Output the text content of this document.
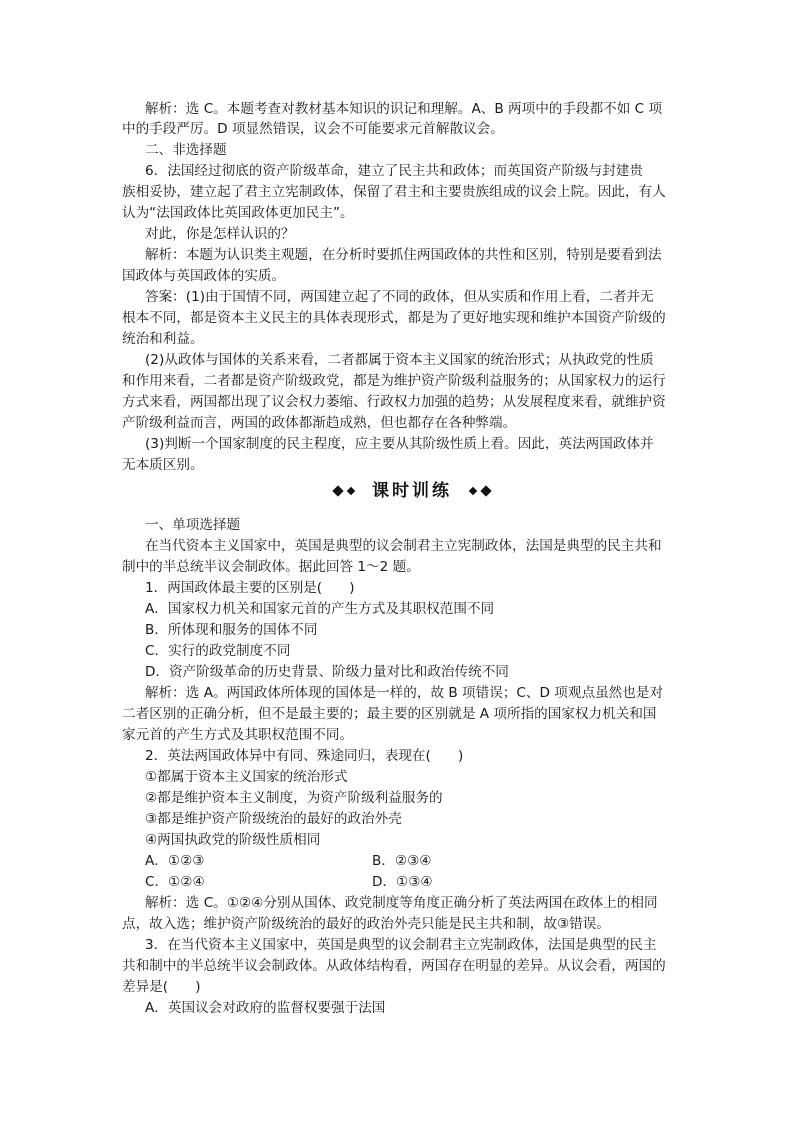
解析：选 C。本题考查对教材基本知识的识记和理解。A、B 两项中的手段都不如 C 项
中的手段严厉。D 项显然错误，议会不可能要求元首解散议会。
二、非选择题
6．法国经过彻底的资产阶级革命，建立了民主共和政体；而英国资产阶级与封建贵
族相妥协，建立起了君主立宪制政体，保留了君主和主要贵族组成的议会上院。因此，有人
认为“法国政体比英国政体更加民主”。
对此，你是怎样认识的？
解析：本题为认识类主观题，在分析时要抓住两国政体的共性和区别，特别是要看到法
国政体与英国政体的实质。
答案：(1)由于国情不同，两国建立起了不同的政体，但从实质和作用上看，二者并无
根本不同，都是资本主义民主的具体表现形式，都是为了更好地实现和维护本国资产阶级的
统治和利益。
(2)从政体与国体的关系来看，二者都属于资本主义国家的统治形式；从执政党的性质
和作用来看，二者都是资产阶级政党，都是为维护资产阶级利益服务的；从国家权力的运行
方式来看，两国都出现了议会权力萎缩、行政权力加强的趋势；从发展程度来看，就维护资
产阶级利益而言，两国的政体都渐趋成熟，但也都存在各种弊端。
(3)判断一个国家制度的民主程度，应主要从其阶级性质上看。因此，英法两国政体并
无本质区别。
课时训练
一、单项选择题
在当代资本主义国家中，英国是典型的议会制君主立宪制政体，法国是典型的民主共和
制中的半总统半议会制政体。据此回答 1～2 题。
1．两国政体最主要的区别是(　　)
A．国家权力机关和国家元首的产生方式及其职权范围不同
B．所体现和服务的国体不同
C．实行的政党制度不同
D．资产阶级革命的历史背景、阶级力量对比和政治传统不同
解析：选 A。两国政体所体现的国体是一样的，故 B 项错误；C、D 项观点虽然也是对
二者区别的正确分析，但不是最主要的；最主要的区别就是 A 项所指的国家权力机关和国
家元首的产生方式及其职权范围不同。
2．英法两国政体异中有同、殊途同归，表现在(　　)
①都属于资本主义国家的统治形式
②都是维护资本主义制度，为资产阶级利益服务的
③都是维护资产阶级统治的最好的政治外壳
④两国执政党的阶级性质相同
A．①②③	B．②③④
C．①②④	D．①③④
解析：选 C。①②④分别从国体、政党制度等角度正确分析了英法两国在政体上的相同
点，故入选；维护资产阶级统治的最好的政治外壳只能是民主共和制，故③错误。
3．在当代资本主义国家中，英国是典型的议会制君主立宪制政体，法国是典型的民主
共和制中的半总统半议会制政体。从政体结构看，两国存在明显的差异。从议会看，两国的
差异是(　　)
A．英国议会对政府的监督权要强于法国
